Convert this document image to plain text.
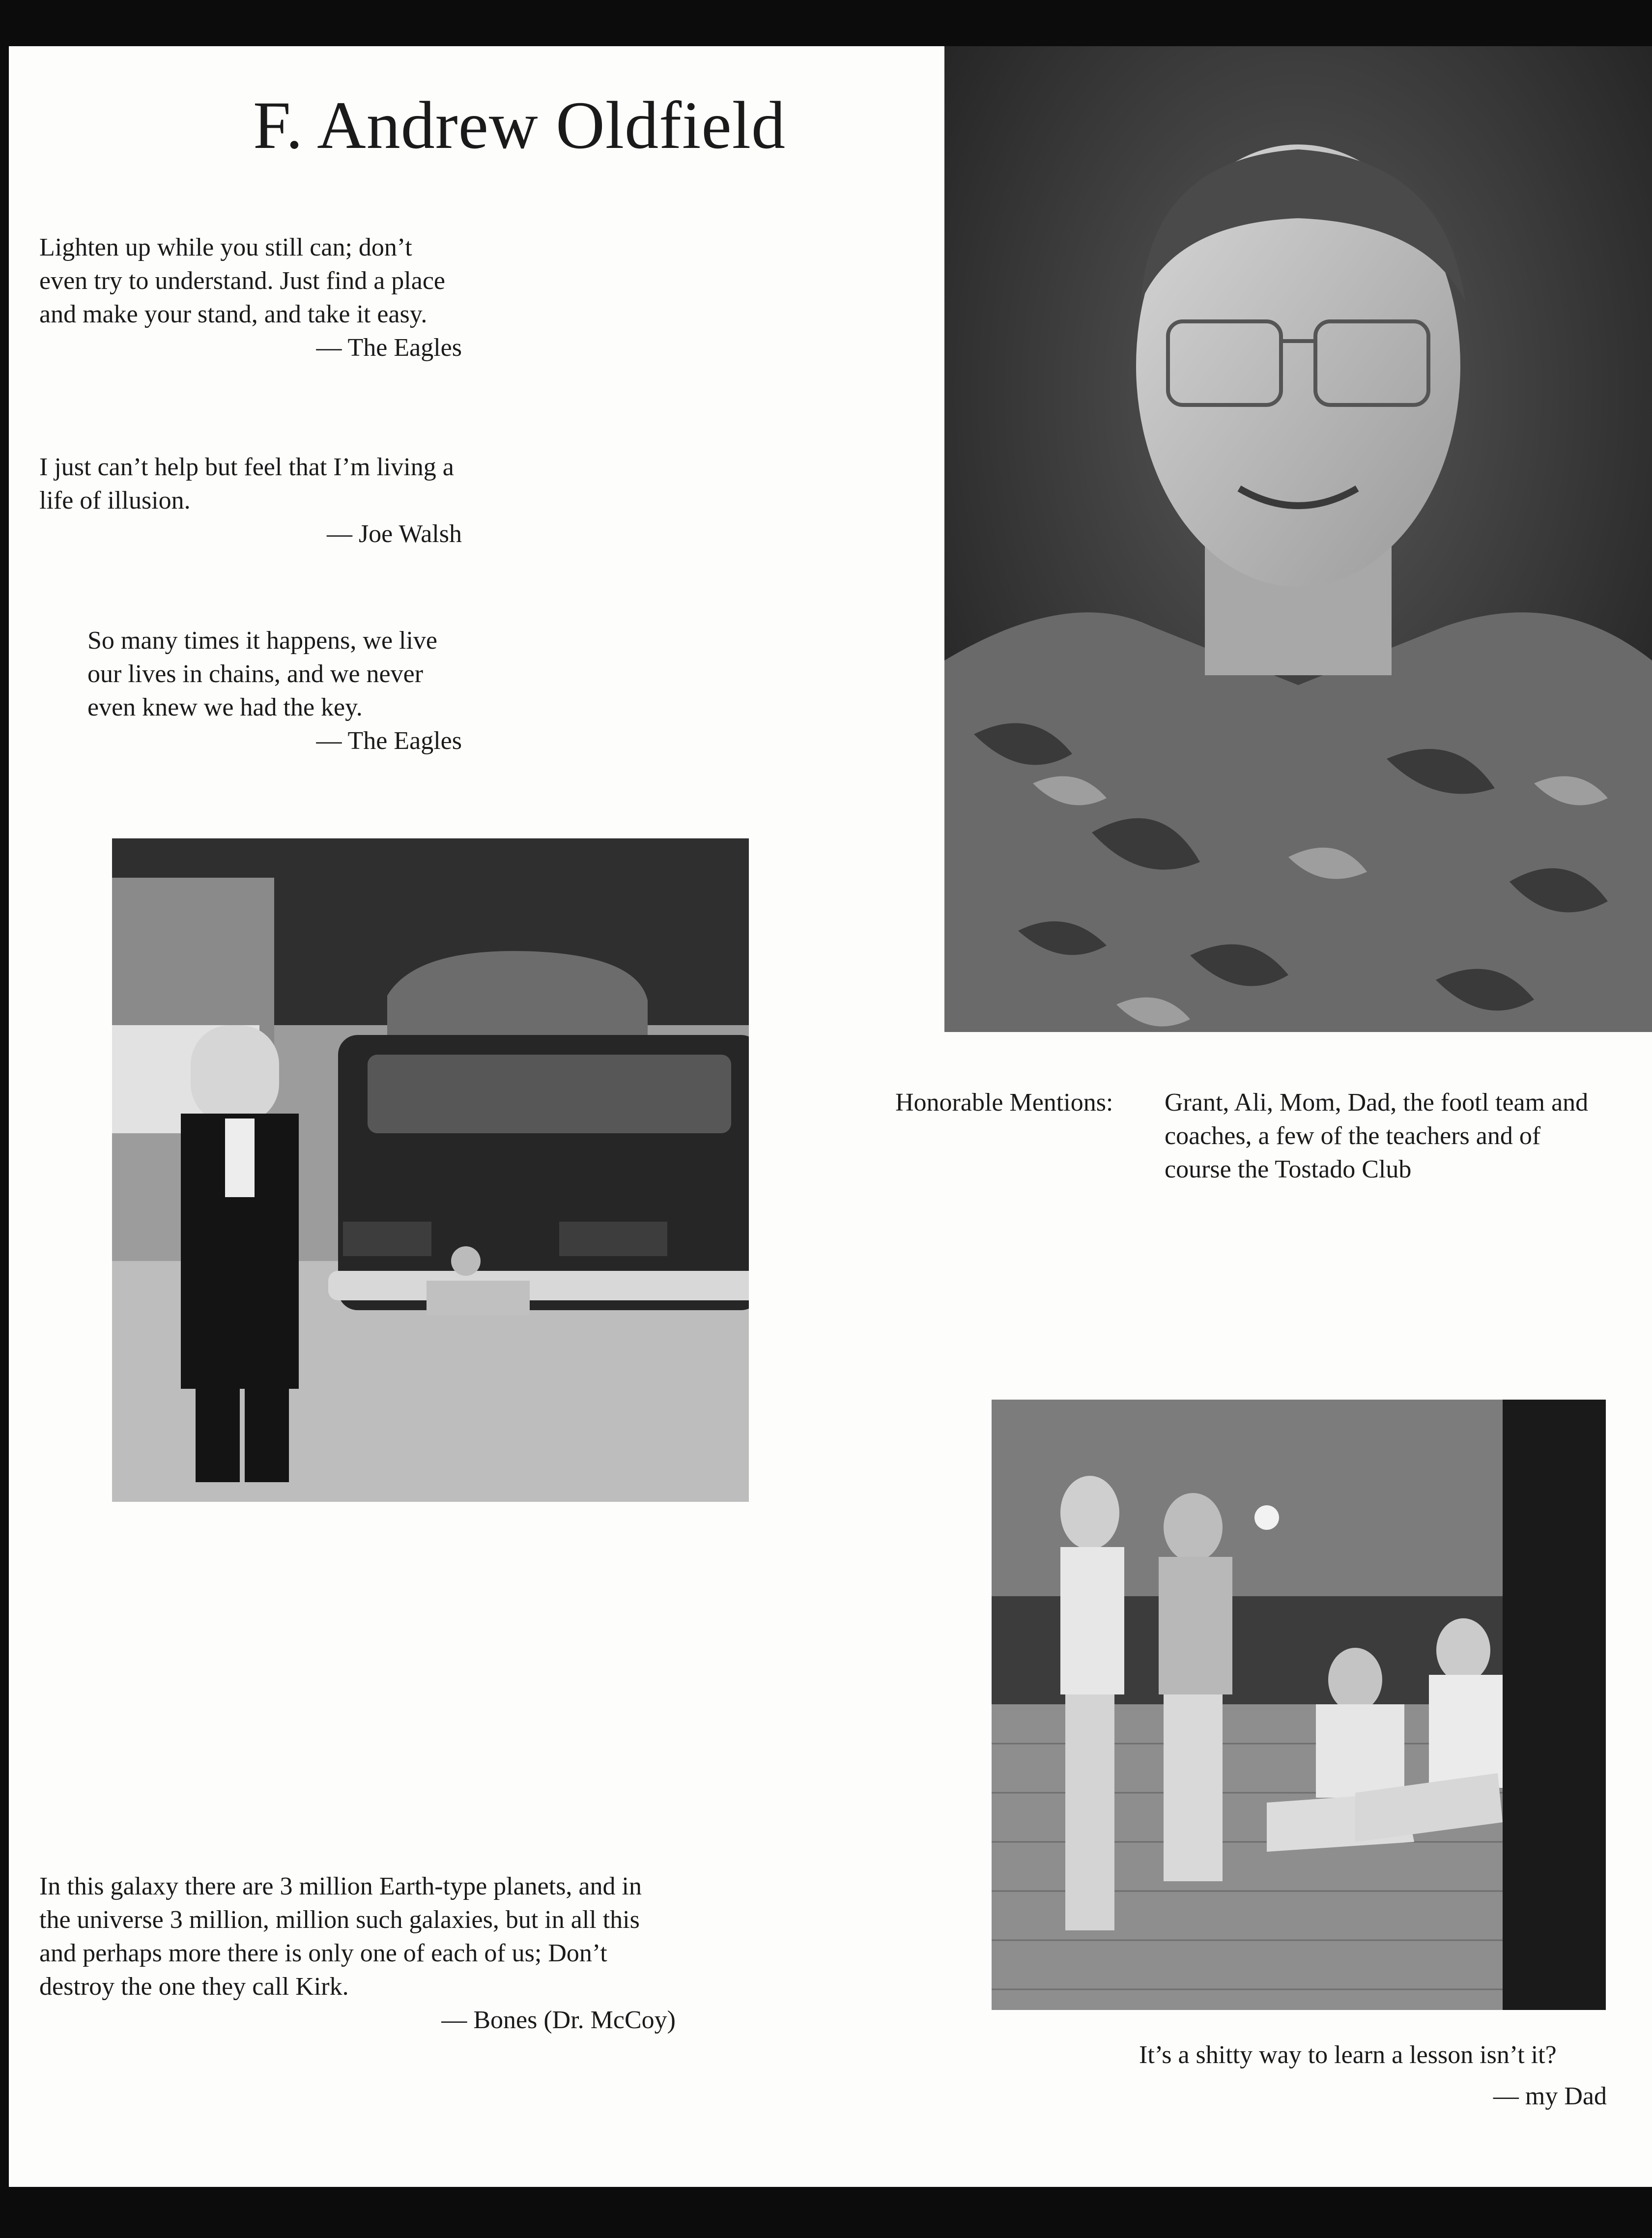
F. Andrew Oldfield

Lighten up while you still can; don’t even try to understand. Just find a place and make your stand, and take it easy.

— The Eagles

I just can’t help but feel that I’m living a life of illusion.

— Joe Walsh

So many times it happens, we live our lives in chains, and we never even knew we had the key.

— The Eagles

Honorable Mentions: Grant, Ali, Mom, Dad, the footl team and coaches, a few of the teachers and of course the Tostado Club

In this galaxy there are 3 million Earth-type planets, and in the universe 3 million, million such galaxies, but in all this and perhaps more there is only one of each of us; Don’t destroy the one they call Kirk.

— Bones (Dr. McCoy)

It’s a shitty way to learn a lesson isn’t it?

— my Dad
